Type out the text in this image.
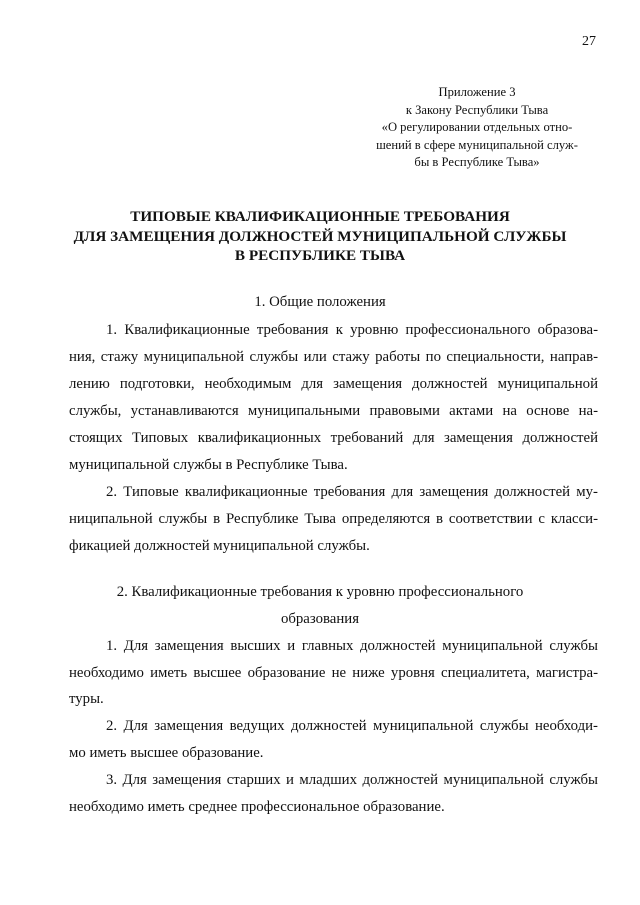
27
Приложение 3
к Закону Республики Тыва
«О регулировании отдельных отно-
шений в сфере муниципальной служ-
бы в Республике Тыва»
ТИПОВЫЕ КВАЛИФИКАЦИОННЫЕ ТРЕБОВАНИЯ
ДЛЯ ЗАМЕЩЕНИЯ ДОЛЖНОСТЕЙ МУНИЦИПАЛЬНОЙ СЛУЖБЫ
В РЕСПУБЛИКЕ ТЫВА
1. Общие положения
1. Квалификационные требования к уровню профессионального образова-
ния, стажу муниципальной службы или стажу работы по специальности, направ-
лению подготовки, необходимым для замещения должностей муниципальной
службы, устанавливаются муниципальными правовыми актами на основе на-
стоящих Типовых квалификационных требований для замещения должностей
муниципальной службы в Республике Тыва.
2. Типовые квалификационные требования для замещения должностей му-
ниципальной службы в Республике Тыва определяются в соответствии с класси-
фикацией должностей муниципальной службы.
2. Квалификационные требования к уровню профессионального
образования
1. Для замещения высших и главных должностей муниципальной службы
необходимо иметь высшее образование не ниже уровня специалитета, магистра-
туры.
2. Для замещения ведущих должностей муниципальной службы необходи-
мо иметь высшее образование.
3. Для замещения старших и младших должностей муниципальной службы
необходимо иметь среднее профессиональное образование.
